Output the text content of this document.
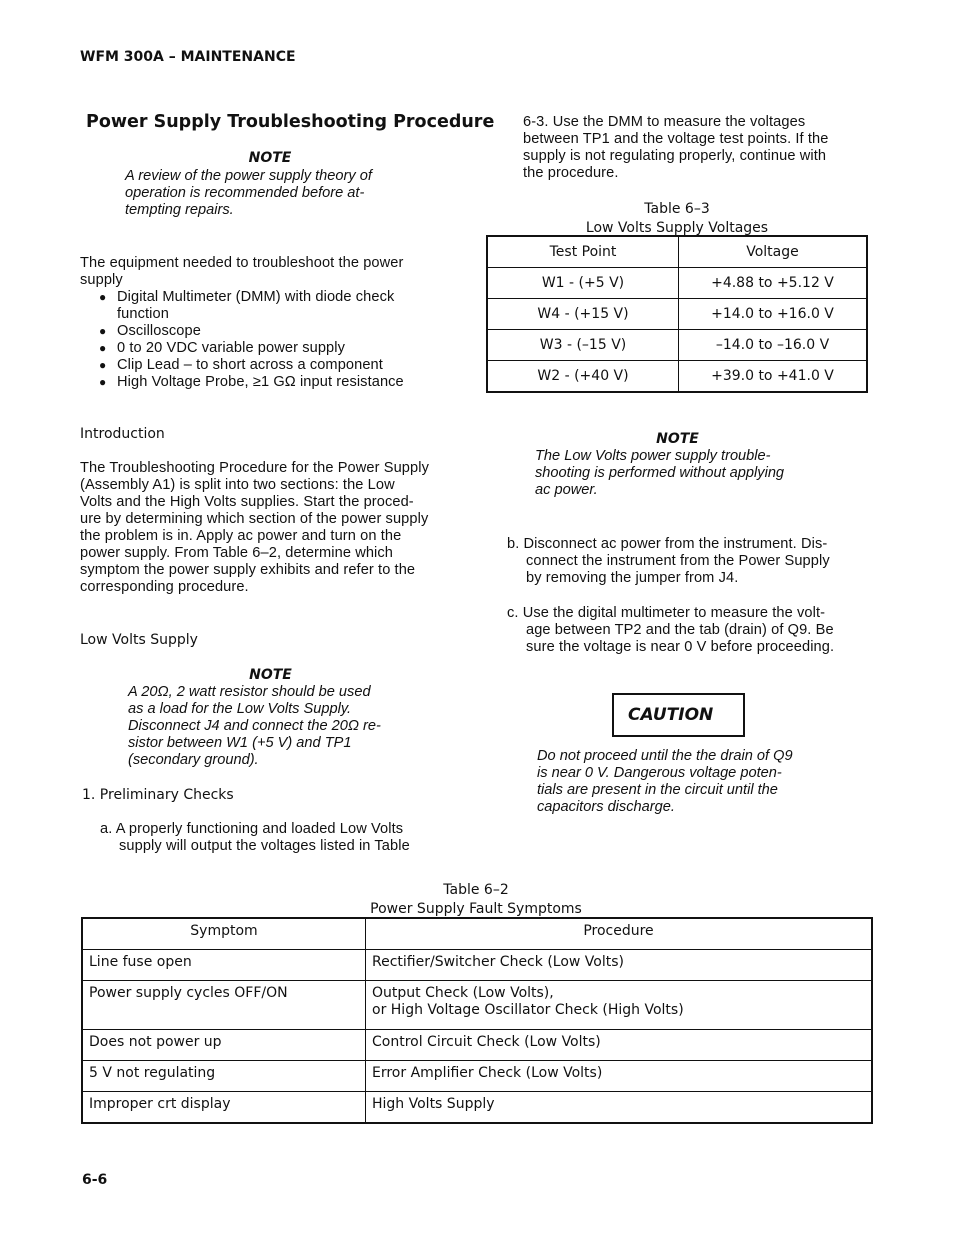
WFM 300A – MAINTENANCE
Power Supply Troubleshooting Procedure
NOTE
A review of the power supply theory of
operation is recommended before at-
tempting repairs.
The equipment needed to troubleshoot the power
supply
● Digital Multimeter (DMM) with diode check
function
● Oscilloscope
● 0 to 20 VDC variable power supply
● Clip Lead – to short across a component
● High Voltage Probe, ≥1 GΩ input resistance
Introduction
The Troubleshooting Procedure for the Power Supply
(Assembly A1) is split into two sections: the Low
Volts and the High Volts supplies. Start the proced-
ure by determining which section of the power supply
the problem is in. Apply ac power and turn on the
power supply. From Table 6–2, determine which
symptom the power supply exhibits and refer to the
corresponding procedure.
Low Volts Supply
NOTE
A 20Ω, 2 watt resistor should be used
as a load for the Low Volts Supply.
Disconnect J4 and connect the 20Ω re-
sistor between W1 (+5 V) and TP1
(secondary ground).
1. Preliminary Checks
a. A properly functioning and loaded Low Volts
supply will output the voltages listed in Table
6-3. Use the DMM to measure the voltages
between TP1 and the voltage test points. If the
supply is not regulating properly, continue with
the procedure.
Table 6–3
Low Volts Supply Voltages
Test Point	Voltage
W1 - (+5 V)	+4.88 to +5.12 V
W4 - (+15 V)	+14.0 to +16.0 V
W3 - (–15 V)	–14.0 to –16.0 V
W2 - (+40 V)	+39.0 to +41.0 V
NOTE
The Low Volts power supply trouble-
shooting is performed without applying
ac power.
b. Disconnect ac power from the instrument. Dis-
connect the instrument from the Power Supply
by removing the jumper from J4.
c. Use the digital multimeter to measure the volt-
age between TP2 and the tab (drain) of Q9. Be
sure the voltage is near 0 V before proceeding.
CAUTION
Do not proceed until the the drain of Q9
is near 0 V. Dangerous voltage poten-
tials are present in the circuit until the
capacitors discharge.
Table 6–2
Power Supply Fault Symptoms
Symptom	Procedure
Line fuse open	Rectifier/Switcher Check (Low Volts)
Power supply cycles OFF/ON	Output Check (Low Volts),
or High Voltage Oscillator Check (High Volts)
Does not power up	Control Circuit Check (Low Volts)
5 V not regulating	Error Amplifier Check (Low Volts)
Improper crt display	High Volts Supply
6-6
